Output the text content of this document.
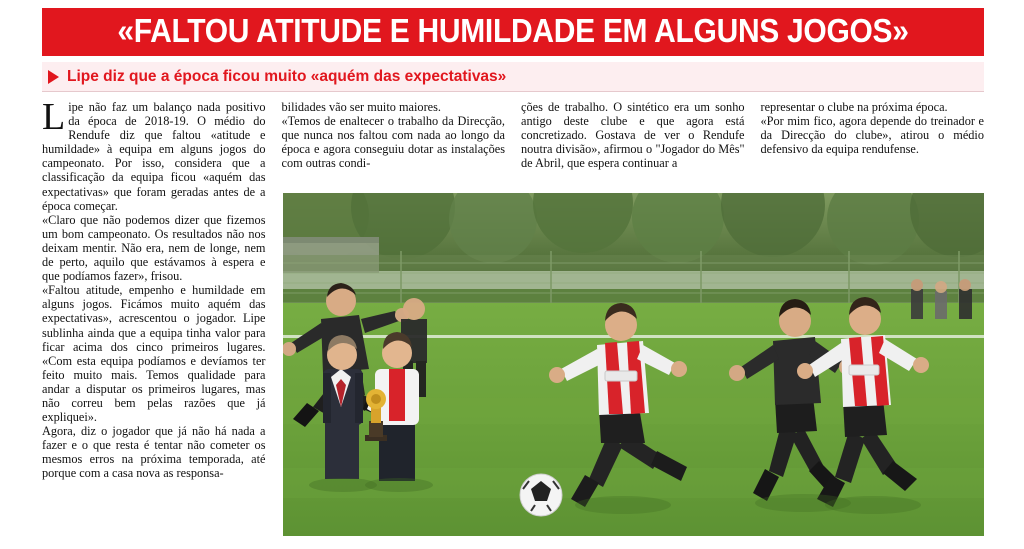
«FALTOU ATITUDE E HUMILDADE EM ALGUNS JOGOS»
Lipe diz que a época ficou muito «aquém das expectativas»

Lipe não faz um balanço nada positivo da época de 2018-19. O médio do Rendufe diz que faltou «atitude e humildade» à equipa em alguns jogos do campeonato. Por isso, considera que a classificação da equipa ficou «aquém das expectativas» que foram geradas antes de a época começar.

«Claro que não podemos dizer que fizemos um bom campeonato. Os resultados não nos deixam mentir. Não era, nem de longe, nem de perto, aquilo que estávamos à espera e que podíamos fazer», frisou.

«Faltou atitude, empenho e humildade em alguns jogos. Ficámos muito aquém das expectativas», acrescentou o jogador. Lipe sublinha ainda que a equipa tinha valor para ficar acima dos cinco primeiros lugares. «Com esta equipa podíamos e devíamos ter feito muito mais. Temos qualidade para andar a disputar os primeiros lugares, mas não correu bem pelas razões que já expliquei».

Agora, diz o jogador que já não há nada a fazer e o que resta é tentar não cometer os mesmos erros na próxima temporada, até porque com a casa nova as responsa-

bilidades vão ser muito maiores.

«Temos de enaltecer o trabalho da Direcção, que nunca nos faltou com nada ao longo da época e agora conseguiu dotar as instalações com outras condi-

ções de trabalho. O sintético era um sonho antigo deste clube e que agora está concretizado. Gostava de ver o Rendufe noutra divisão», afirmou o "Jogador do Mês" de Abril, que espera continuar a

representar o clube na próxima época.

«Por mim fico, agora depende do treinador e da Direcção do clube», atirou o médio defensivo da equipa rendufense.
